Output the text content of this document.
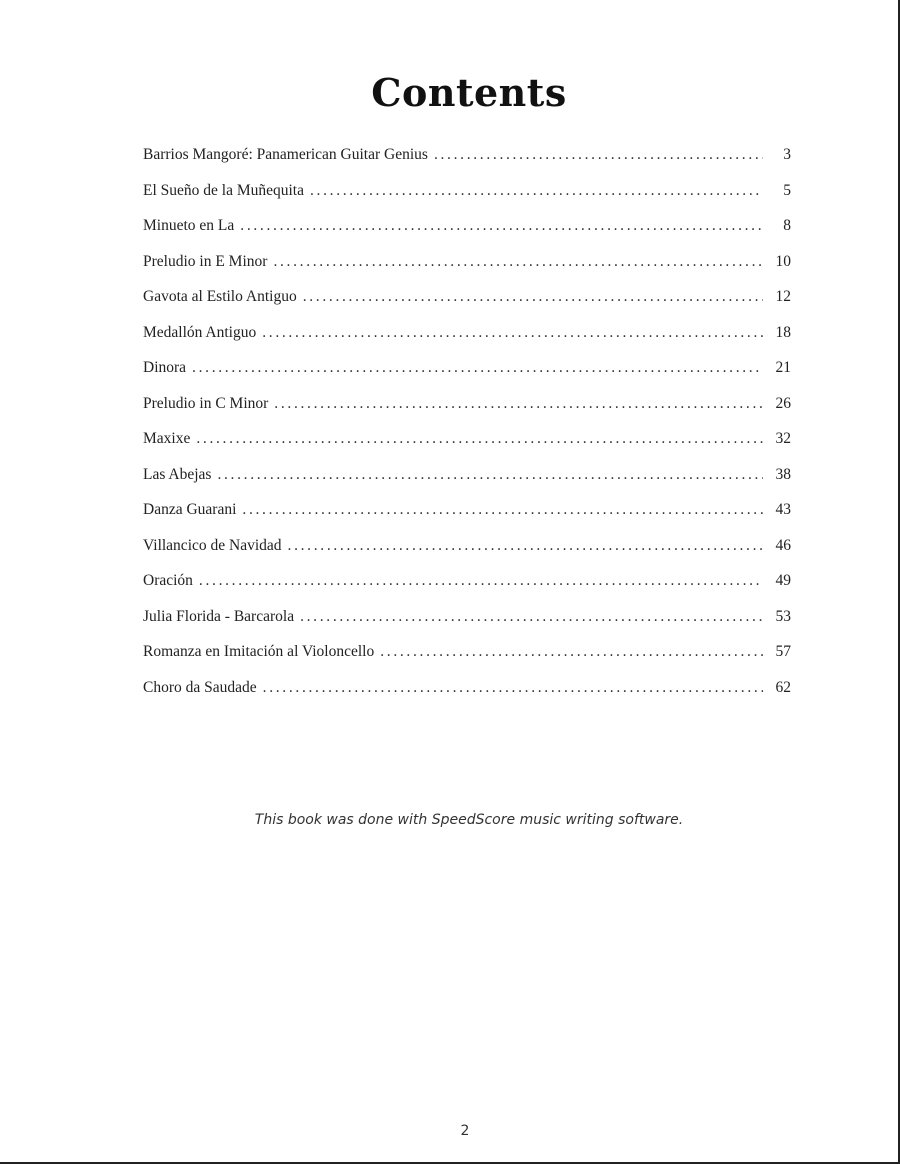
Contents
Barrios Mangoré: Panamerican Guitar Genius . . .	3
El Sueño de la Muñequita . . .	5
Minueto en La . . .	8
Preludio in E Minor . . .	10
Gavota al Estilo Antiguo . . .	12
Medallón Antiguo . . .	18
Dinora . . .	21
Preludio in C Minor . . .	26
Maxixe . . .	32
Las Abejas . . .	38
Danza Guarani . . .	43
Villancico de Navidad . . .	46
Oración . . .	49
Julia Florida - Barcarola . . .	53
Romanza en Imitación al Violoncello . . .	57
Choro da Saudade . . .	62

This book was done with SpeedScore music writing software.

2
